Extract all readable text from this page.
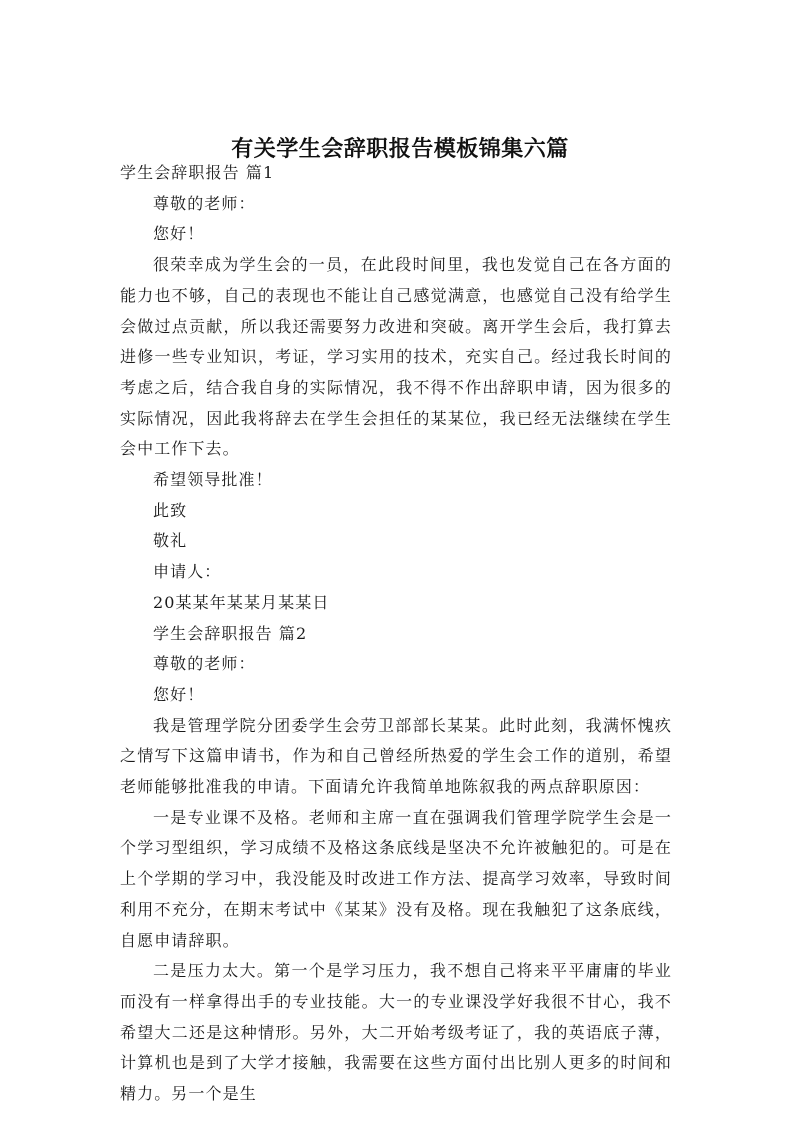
有关学生会辞职报告模板锦集六篇

学生会辞职报告 篇1

尊敬的老师：

您好！

很荣幸成为学生会的一员，在此段时间里，我也发觉自己在各方面的能力也不够，自己的表现也不能让自己感觉满意，也感觉自己没有给学生会做过点贡献，所以我还需要努力改进和突破。离开学生会后，我打算去进修一些专业知识，考证，学习实用的技术，充实自己。经过我长时间的考虑之后，结合我自身的实际情况，我不得不作出辞职申请，因为很多的实际情况，因此我将辞去在学生会担任的某某位，我已经无法继续在学生会中工作下去。

希望领导批准！

此致

敬礼

申请人：

20某某年某某月某某日

学生会辞职报告 篇2

尊敬的老师：

您好！

我是管理学院分团委学生会劳卫部部长某某。此时此刻，我满怀愧疚之情写下这篇申请书，作为和自己曾经所热爱的学生会工作的道别，希望老师能够批准我的申请。下面请允许我简单地陈叙我的两点辞职原因：

一是专业课不及格。老师和主席一直在强调我们管理学院学生会是一个学习型组织，学习成绩不及格这条底线是坚决不允许被触犯的。可是在上个学期的学习中，我没能及时改进工作方法、提高学习效率，导致时间利用不充分，在期末考试中《某某》没有及格。现在我触犯了这条底线，自愿申请辞职。

二是压力太大。第一个是学习压力，我不想自己将来平平庸庸的毕业而没有一样拿得出手的专业技能。大一的专业课没学好我很不甘心，我不希望大二还是这种情形。另外，大二开始考级考证了，我的英语底子薄，计算机也是到了大学才接触，我需要在这些方面付出比别人更多的时间和精力。另一个是生
